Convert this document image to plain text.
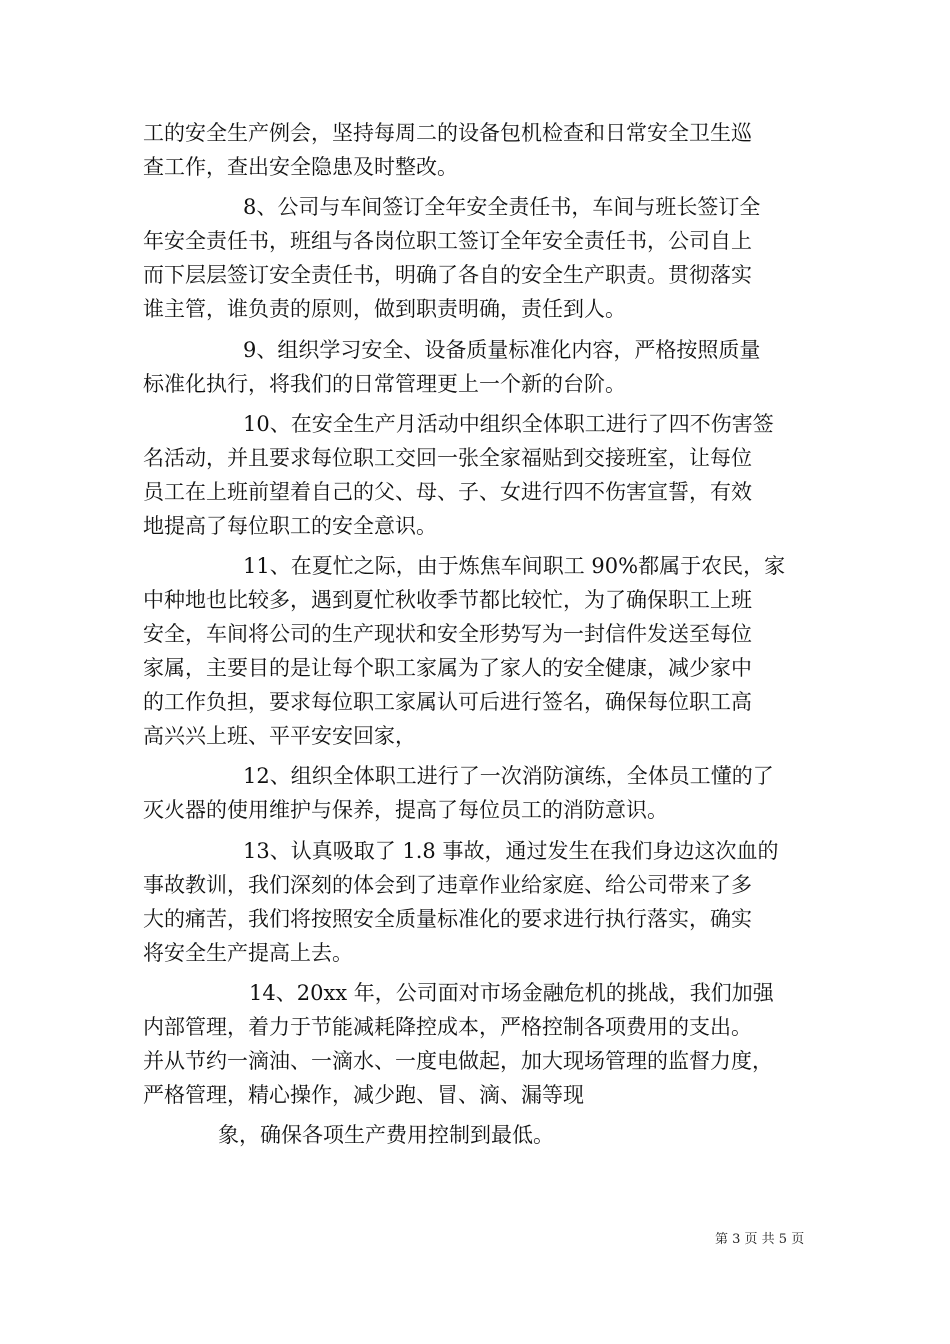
工的安全生产例会，坚持每周二的设备包机检查和日常安全卫生巡
查工作，查出安全隐患及时整改。
8、公司与车间签订全年安全责任书，车间与班长签订全
年安全责任书，班组与各岗位职工签订全年安全责任书，公司自上
而下层层签订安全责任书，明确了各自的安全生产职责。贯彻落实
谁主管，谁负责的原则，做到职责明确，责任到人。
9、组织学习安全、设备质量标准化内容，严格按照质量
标准化执行，将我们的日常管理更上一个新的台阶。
10、在安全生产月活动中组织全体职工进行了四不伤害签
名活动，并且要求每位职工交回一张全家福贴到交接班室，让每位
员工在上班前望着自己的父、母、子、女进行四不伤害宣誓，有效
地提高了每位职工的安全意识。
11、在夏忙之际，由于炼焦车间职工 90%都属于农民，家
中种地也比较多，遇到夏忙秋收季节都比较忙，为了确保职工上班
安全，车间将公司的生产现状和安全形势写为一封信件发送至每位
家属，主要目的是让每个职工家属为了家人的安全健康，减少家中
的工作负担，要求每位职工家属认可后进行签名，确保每位职工高
高兴兴上班、平平安安回家，
12、组织全体职工进行了一次消防演练，全体员工懂的了
灭火器的使用维护与保养，提高了每位员工的消防意识。
13、认真吸取了 1.8 事故，通过发生在我们身边这次血的
事故教训，我们深刻的体会到了违章作业给家庭、给公司带来了多
大的痛苦，我们将按照安全质量标准化的要求进行执行落实，确实
将安全生产提高上去。
14、20xx 年，公司面对市场金融危机的挑战，我们加强
内部管理，着力于节能减耗降控成本，严格控制各项费用的支出。
并从节约一滴油、一滴水、一度电做起，加大现场管理的监督力度，
严格管理，精心操作，减少跑、冒、滴、漏等现
象，确保各项生产费用控制到最低。
第 3 页 共 5 页
